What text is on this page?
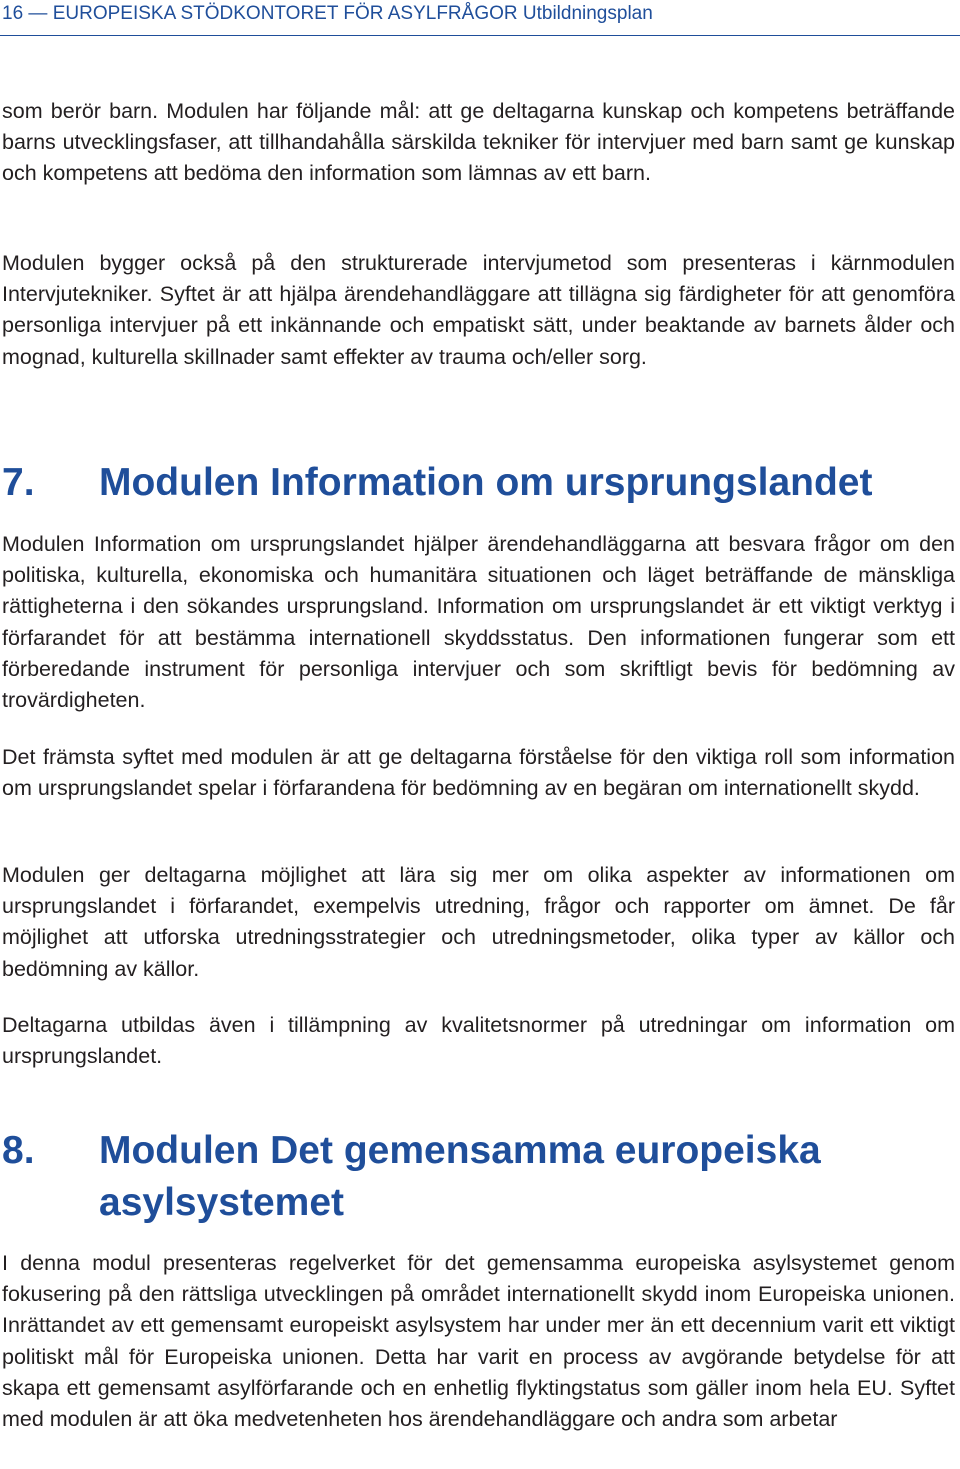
16 — EUROPEISKA STÖDKONTORET FÖR ASYLFRÅGOR Utbildningsplan

som berör barn. Modulen har följande mål: att ge deltagarna kunskap och kompetens beträffande barns utvecklingsfaser, att tillhandahålla särskilda tekniker för intervjuer med barn samt ge kunskap och kompetens att bedöma den information som lämnas av ett barn.

Modulen bygger också på den strukturerade intervjumetod som presenteras i kärnmodulen Intervjutekniker. Syftet är att hjälpa ärendehandläggare att tillägna sig färdigheter för att genomföra personliga intervjuer på ett inkännande och empatiskt sätt, under beaktande av barnets ålder och mognad, kulturella skillnader samt effekter av trauma och/eller sorg.

7. Modulen Information om ursprungslandet

Modulen Information om ursprungslandet hjälper ärendehandläggarna att besvara frågor om den politiska, kulturella, ekonomiska och humanitära situationen och läget beträffande de mänskliga rättigheterna i den sökandes ursprungsland. Information om ursprungslandet är ett viktigt verktyg i förfarandet för att bestämma internationell skyddsstatus. Den informationen fungerar som ett förberedande instrument för personliga intervjuer och som skriftligt bevis för bedömning av trovärdigheten.

Det främsta syftet med modulen är att ge deltagarna förståelse för den viktiga roll som information om ursprungslandet spelar i förfarandena för bedömning av en begäran om internationellt skydd.

Modulen ger deltagarna möjlighet att lära sig mer om olika aspekter av informationen om ursprungslandet i förfarandet, exempelvis utredning, frågor och rapporter om ämnet. De får möjlighet att utforska utredningsstrategier och utredningsmetoder, olika typer av källor och bedömning av källor.

Deltagarna utbildas även i tillämpning av kvalitetsnormer på utredningar om information om ursprungslandet.

8. Modulen Det gemensamma europeiska asylsystemet

I denna modul presenteras regelverket för det gemensamma europeiska asylsystemet genom fokusering på den rättsliga utvecklingen på området internationellt skydd inom Europeiska unionen. Inrättandet av ett gemensamt europeiskt asylsystem har under mer än ett decennium varit ett viktigt politiskt mål för Europeiska unionen. Detta har varit en process av avgörande betydelse för att skapa ett gemensamt asylförfarande och en enhetlig flyktingstatus som gäller inom hela EU. Syftet med modulen är att öka medvetenheten hos ärendehandläggare och andra som arbetar
